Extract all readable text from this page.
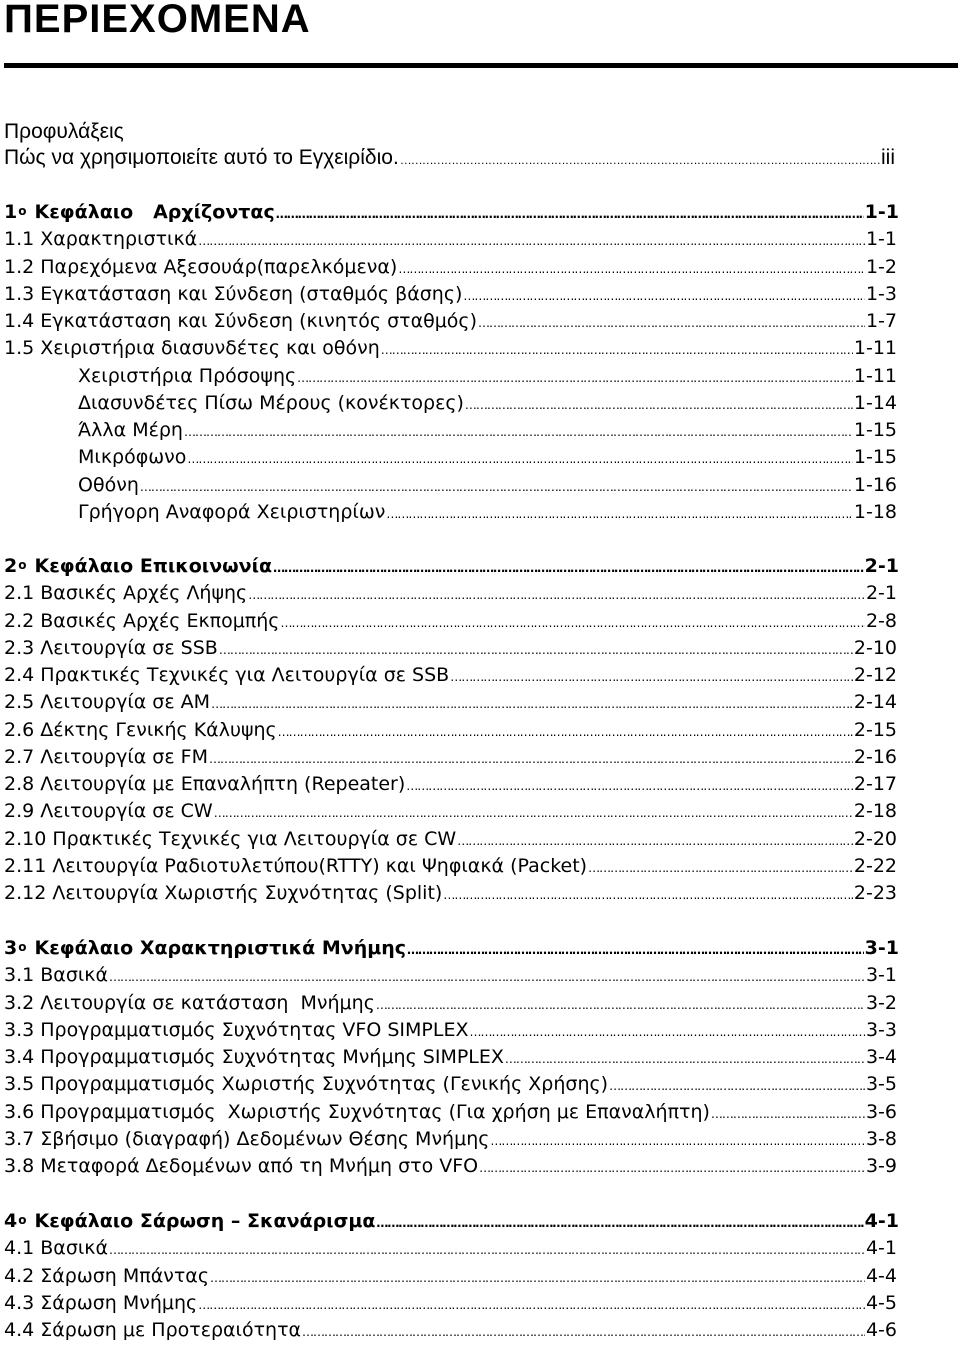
ΠΕΡΙΕΧΟΜΕΝΑ
Προφυλάξεις
Πώς να χρησιμοποιείτε αυτό το Εγχειρίδιο. ……………………………………………………………………………………………………………………………………………………………………………………………………………………………………………………………………	iii
$1^o$ Κεφάλαιο   Αρχίζοντας ……………………………………………………………………………………………………………………………………………………………………………………………………………………………………………………………………	1-1
1.1 Χαρακτηριστικά ……………………………………………………………………………………………………………………………………………………………………………………………………………………………………………………………………	1-1
1.2 Παρεχόμενα Αξεσουάρ(παρελκόμενα) ……………………………………………………………………………………………………………………………………………………………………………………………………………………………………………………………………	1-2
1.3 Εγκατάσταση και Σύνδεση (σταθμός βάσης) ……………………………………………………………………………………………………………………………………………………………………………………………………………………………………………………………………	1-3
1.4 Εγκατάσταση και Σύνδεση (κινητός σταθμός) ……………………………………………………………………………………………………………………………………………………………………………………………………………………………………………………………………	1-7
1.5 Χειριστήρια διασυνδέτες και οθόνη ……………………………………………………………………………………………………………………………………………………………………………………………………………………………………………………………………	1-11
Χειριστήρια Πρόσοψης ……………………………………………………………………………………………………………………………………………………………………………………………………………………………………………………………………	1-11
Διασυνδέτες Πίσω Μέρους (κονέκτορες) ……………………………………………………………………………………………………………………………………………………………………………………………………………………………………………………………………	1-14
Άλλα Μέρη ……………………………………………………………………………………………………………………………………………………………………………………………………………………………………………………………………	1-15
Μικρόφωνο ……………………………………………………………………………………………………………………………………………………………………………………………………………………………………………………………………	1-15
Οθόνη ……………………………………………………………………………………………………………………………………………………………………………………………………………………………………………………………………	1-16
Γρήγορη Αναφορά Χειριστηρίων ……………………………………………………………………………………………………………………………………………………………………………………………………………………………………………………………………	1-18
$2^o$ Κεφάλαιο Επικοινωνία ……………………………………………………………………………………………………………………………………………………………………………………………………………………………………………………………………	2-1
2.1 Βασικές Αρχές Λήψης ……………………………………………………………………………………………………………………………………………………………………………………………………………………………………………………………………	2-1
2.2 Βασικές Αρχές Εκπομπής ……………………………………………………………………………………………………………………………………………………………………………………………………………………………………………………………………	2-8
2.3 Λειτουργία σε SSB ……………………………………………………………………………………………………………………………………………………………………………………………………………………………………………………………………	2-10
2.4 Πρακτικές Τεχνικές για Λειτουργία σε SSB ……………………………………………………………………………………………………………………………………………………………………………………………………………………………………………………………………	2-12
2.5 Λειτουργία σε AM ……………………………………………………………………………………………………………………………………………………………………………………………………………………………………………………………………	2-14
2.6 Δέκτης Γενικής Κάλυψης ……………………………………………………………………………………………………………………………………………………………………………………………………………………………………………………………………	2-15
2.7 Λειτουργία σε FM ……………………………………………………………………………………………………………………………………………………………………………………………………………………………………………………………………	2-16
2.8 Λειτουργία με Επαναλήπτη (Repeater) ……………………………………………………………………………………………………………………………………………………………………………………………………………………………………………………………………	2-17
2.9 Λειτουργία σε CW ……………………………………………………………………………………………………………………………………………………………………………………………………………………………………………………………………	2-18
2.10 Πρακτικές Τεχνικές για Λειτουργία σε CW ……………………………………………………………………………………………………………………………………………………………………………………………………………………………………………………………………	2-20
2.11 Λειτουργία Ραδιοτυλετύπου(RTTY) και Ψηφιακά (Packet) ……………………………………………………………………………………………………………………………………………………………………………………………………………………………………………………………………	2-22
2.12 Λειτουργία Χωριστής Συχνότητας (Split) ……………………………………………………………………………………………………………………………………………………………………………………………………………………………………………………………………	2-23
$3^o$ Κεφάλαιο Χαρακτηριστικά Μνήμης ……………………………………………………………………………………………………………………………………………………………………………………………………………………………………………………………………	3-1
3.1 Βασικά ……………………………………………………………………………………………………………………………………………………………………………………………………………………………………………………………………	3-1
3.2 Λειτουργία σε κατάσταση  Μνήμης ……………………………………………………………………………………………………………………………………………………………………………………………………………………………………………………………………	3-2
3.3 Προγραμματισμός Συχνότητας VFO SIMPLEX ……………………………………………………………………………………………………………………………………………………………………………………………………………………………………………………………………	3-3
3.4 Προγραμματισμός Συχνότητας Μνήμης SIMPLEX ……………………………………………………………………………………………………………………………………………………………………………………………………………………………………………………………………	3-4
3.5 Προγραμματισμός Χωριστής Συχνότητας (Γενικής Χρήσης) ……………………………………………………………………………………………………………………………………………………………………………………………………………………………………………………………………	3-5
3.6 Προγραμματισμός  Χωριστής Συχνότητας (Για χρήση με Επαναλήπτη) ……………………………………………………………………………………………………………………………………………………………………………………………………………………………………………………………………	3-6
3.7 Σβήσιμο (διαγραφή) Δεδομένων Θέσης Μνήμης ……………………………………………………………………………………………………………………………………………………………………………………………………………………………………………………………………	3-8
3.8 Μεταφορά Δεδομένων από τη Μνήμη στο VFO ……………………………………………………………………………………………………………………………………………………………………………………………………………………………………………………………………	3-9
$4^o$ Κεφάλαιο Σάρωση – Σκανάρισμα ……………………………………………………………………………………………………………………………………………………………………………………………………………………………………………………………………	4-1
4.1 Βασικά ……………………………………………………………………………………………………………………………………………………………………………………………………………………………………………………………………	4-1
4.2 Σάρωση Μπάντας ……………………………………………………………………………………………………………………………………………………………………………………………………………………………………………………………………	4-4
4.3 Σάρωση Μνήμης ……………………………………………………………………………………………………………………………………………………………………………………………………………………………………………………………………	4-5
4.4 Σάρωση με Προτεραιότητα ……………………………………………………………………………………………………………………………………………………………………………………………………………………………………………………………………	4-6
